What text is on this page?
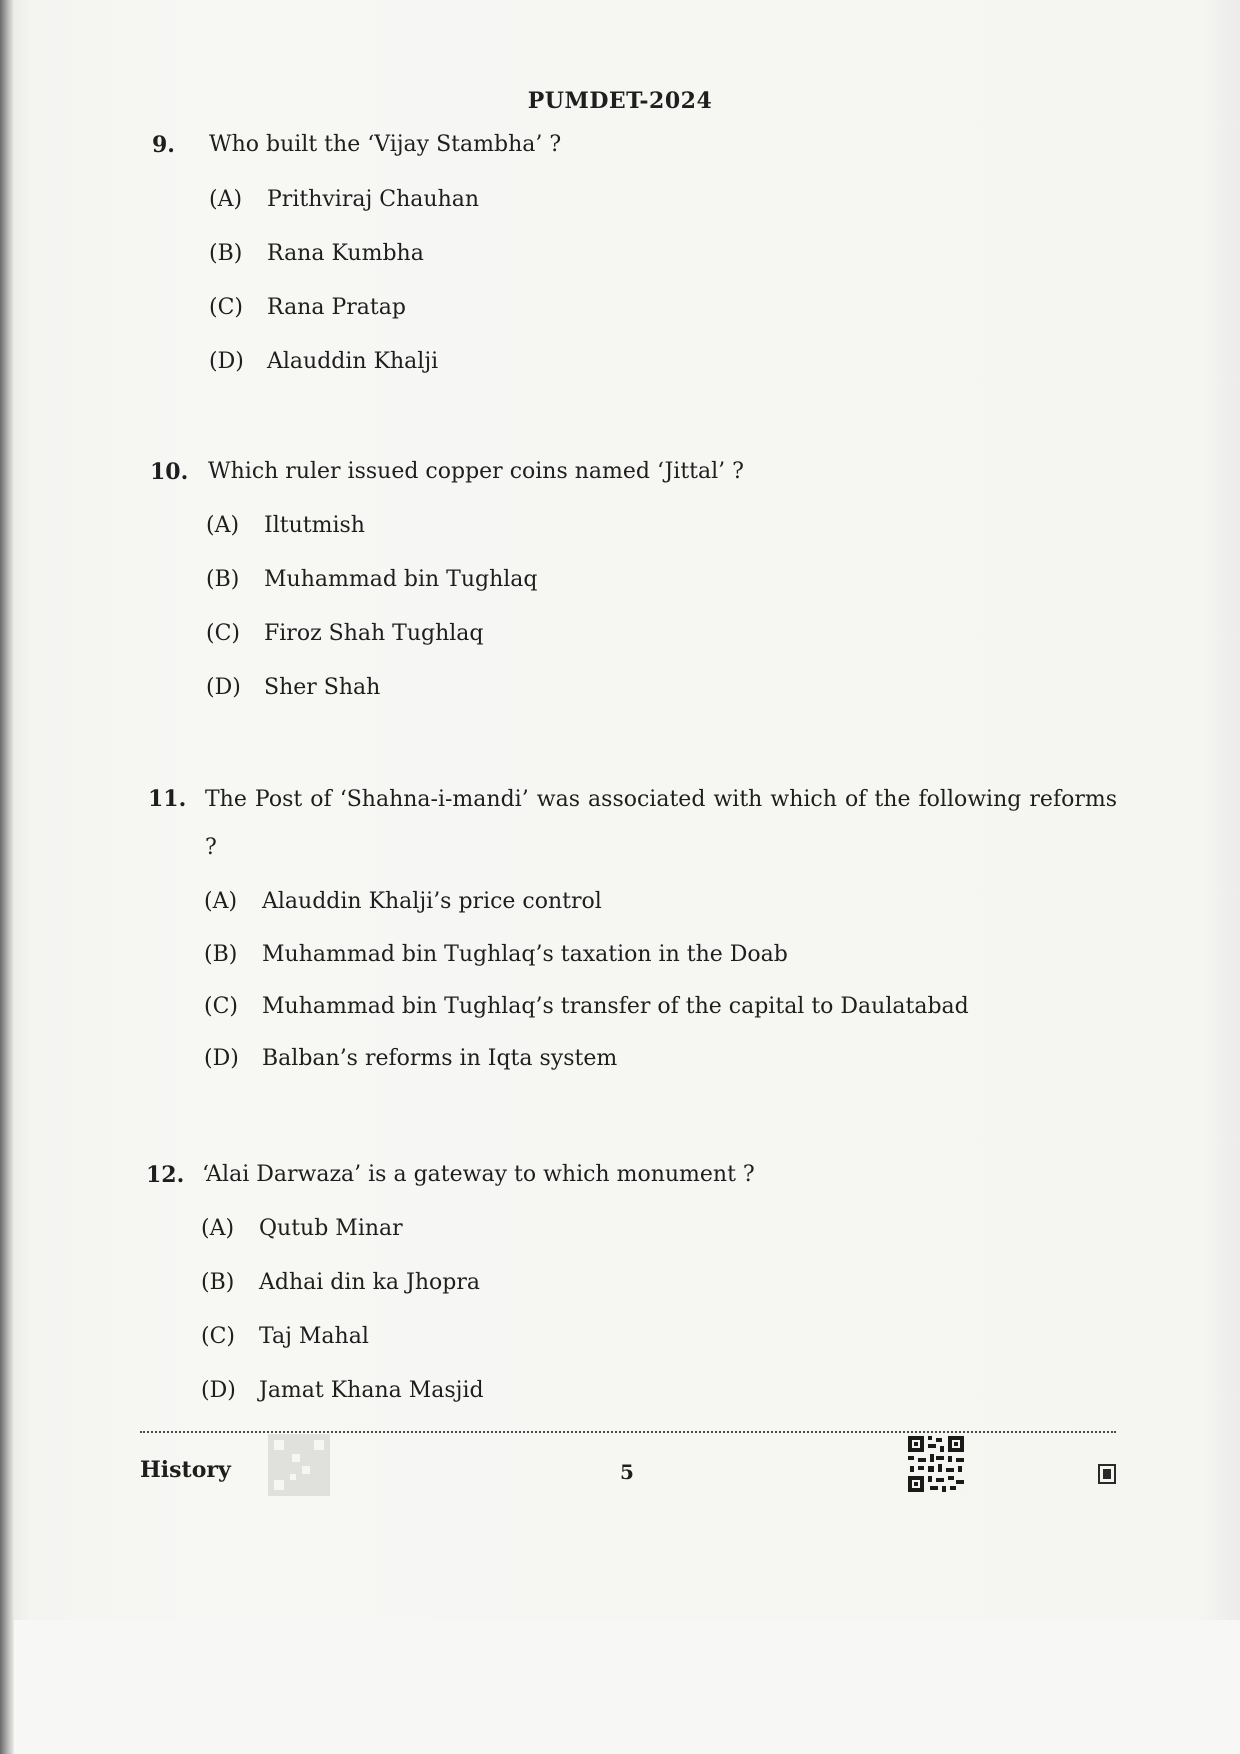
PUMDET-2024
9. Who built the ‘Vijay Stambha’ ?
(A) Prithviraj Chauhan
(B) Rana Kumbha
(C) Rana Pratap
(D) Alauddin Khalji
10. Which ruler issued copper coins named ‘Jittal’ ?
(A) Iltutmish
(B) Muhammad bin Tughlaq
(C) Firoz Shah Tughlaq
(D) Sher Shah
11. The Post of ‘Shahna-i-mandi’ was associated with which of the following reforms ?
(A) Alauddin Khalji’s price control
(B) Muhammad bin Tughlaq’s taxation in the Doab
(C) Muhammad bin Tughlaq’s transfer of the capital to Daulatabad
(D) Balban’s reforms in Iqta system
12. ‘Alai Darwaza’ is a gateway to which monument ?
(A) Qutub Minar
(B) Adhai din ka Jhopra
(C) Taj Mahal
(D) Jamat Khana Masjid
History	5
